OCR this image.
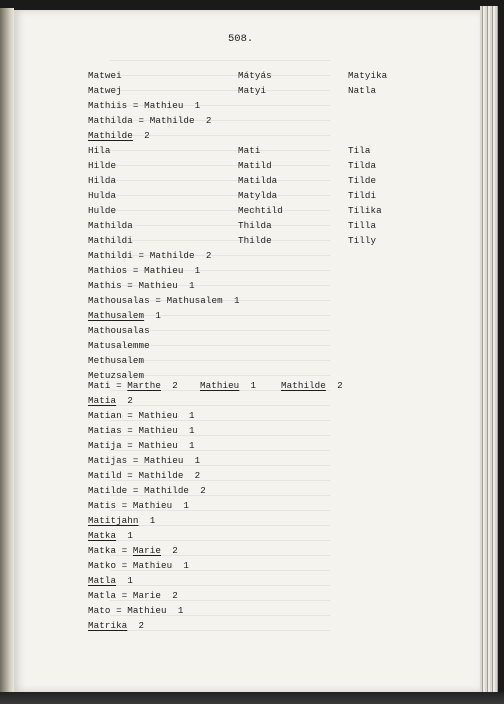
508.
Matwei	Mátyás	Matyika
Matwej	Matyi	Natla
Mathiis = Mathieu  1
Mathilda = Mathilde  2
Mathilde 2
Hila	Mati	Tila
Hilde	Matild	Tilda
Hilda	Matilda	Tilde
Hulda	Matylda	Tildi
Hulde	Mechtild	Tilika
Mathilda	Thilda	Tilla
Mathildi	Thilde	Tilly
Mathildi = Mathilde  2
Mathios = Mathieu  1
Mathis = Mathieu  1
Mathousalas = Mathusalem  1
Mathusalem 1
Mathousalas
Matusalemme
Methusalem
Metuzsalem
Mati = Marthe 2 Mathieu 1	Mathilde 2
Matia 2
Matian = Mathieu  1
Matias = Mathieu  1
Matija = Mathieu  1
Matijas = Mathieu  1
Matild = Mathilde  2
Matilde = Mathilde  2
Matis = Mathieu  1
Matitjahn 1
Matka 1
Matka = Marie 2
Matko = Mathieu  1
Matla 1
Matla = Marie  2
Mato = Mathieu  1
Matrika 2
